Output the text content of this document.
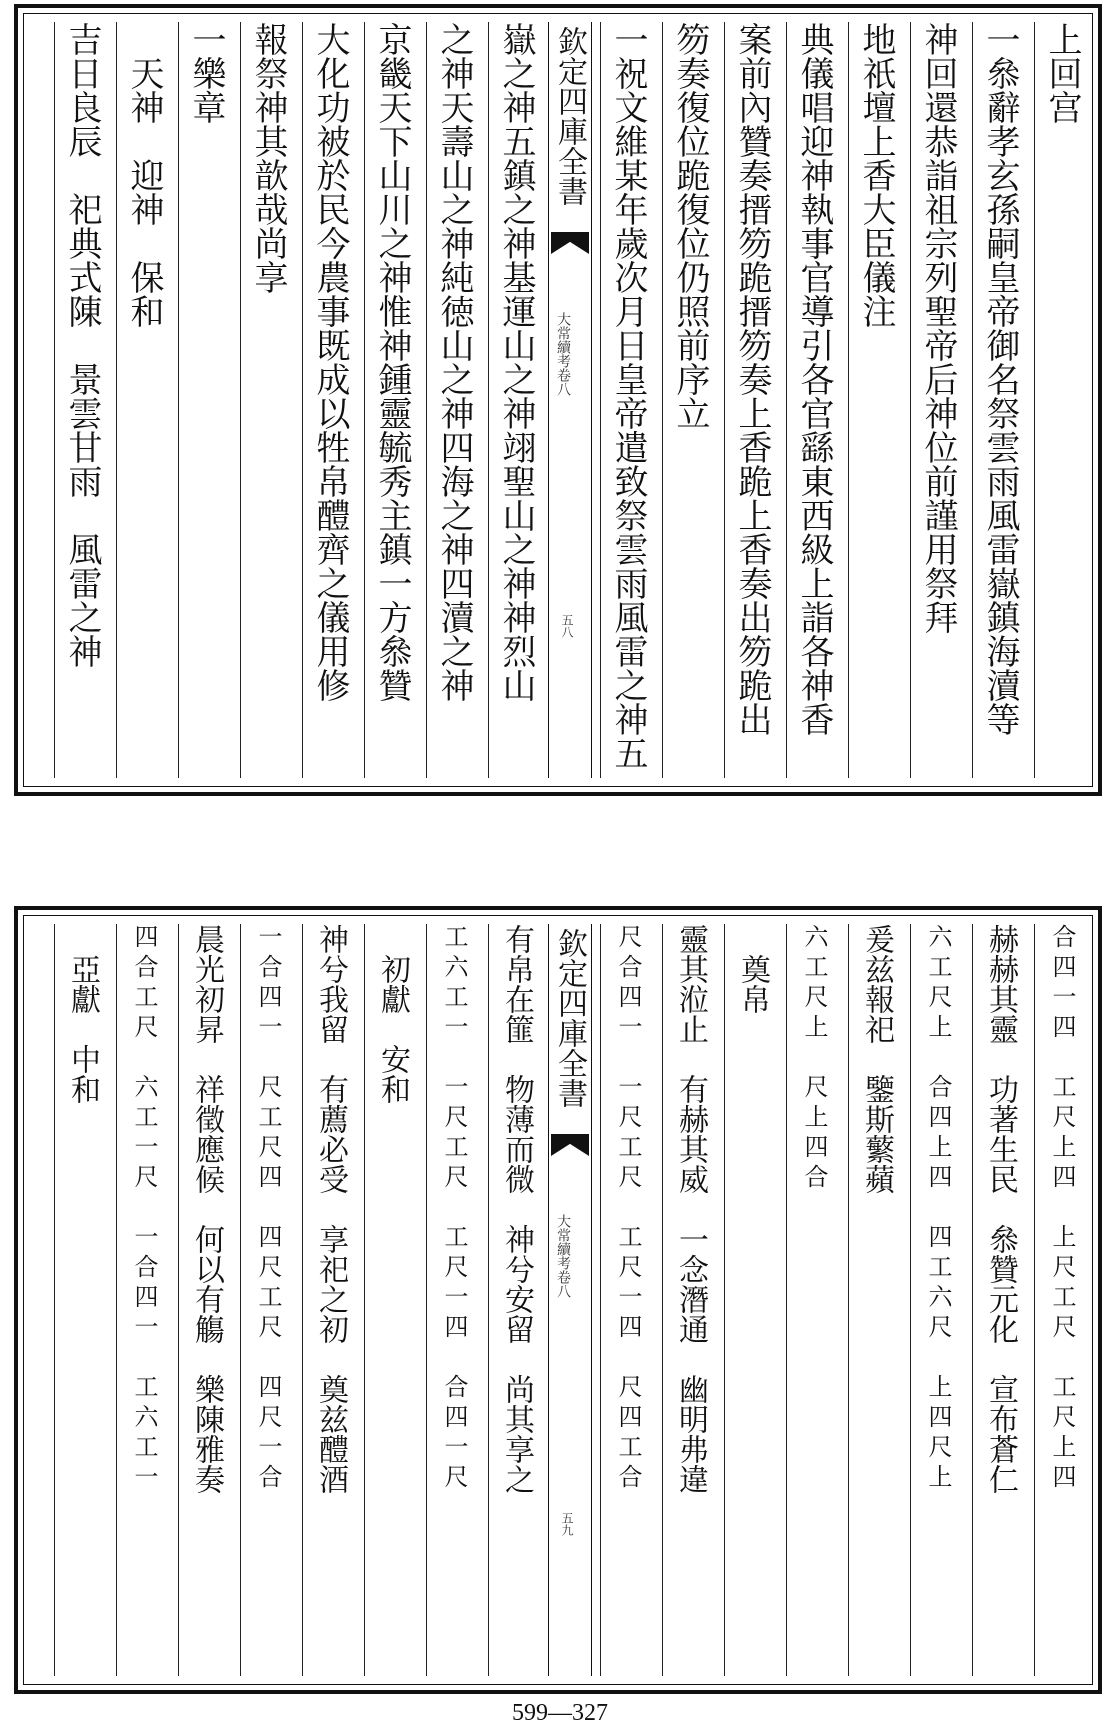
上回宫
一叅辭孝玄孫嗣皇帝御名祭雲雨風雷嶽鎮海瀆等
神回還恭詣祖宗列聖帝后神位前謹用祭拜
地祇壇上香大臣儀注
典儀唱迎神執事官導引各官繇東西級上詣各神香
案前內贊奏搢笏跪搢笏奏上香跪上香奏出笏跪出
笏奏復位跪復位仍照前序立
一祝文維某年歲次月日皇帝遣致祭雲雨風雷之神五
欽定四庫全書
大常續考卷八
五八
嶽之神五鎮之神基運山之神翊聖山之神神烈山
之神天壽山之神純徳山之神四海之神四瀆之神
京畿天下山川之神惟神鍾靈毓秀主鎮一方叅贊
大化功被於民今農事既成以牲帛醴齊之儀用修
報祭神其歆哉尚享
一樂章
　天神　迎神　保和
吉日良辰　祀典式陳　景雲甘雨　風雷之神
合四一四　工尺上四　上尺工尺　工尺上四
赫赫其靈　功著生民　叅贊元化　宣布蒼仁
六工尺上　合四上四　四工六尺　上四尺上
爰兹報祀　鑒斯蘩蘋
六工尺上　尺上四合
　奠帛
靈其涖止　有赫其威　一念潛通　幽明弗違
尺合四一　一尺工尺　工尺一四　尺四工合
欽定四庫全書
大常續考卷八
五九
有帛在篚　物薄而微　神兮安留　尚其享之
工六工一　一尺工尺　工尺一四　合四一尺
　初獻　安和
神兮我留　有薦必受　享祀之初　奠兹醴酒
一合四一　尺工尺四　四尺工尺　四尺一合
晨光初昇　祥徵應候　何以有觴　樂陳雅奏
四合工尺　六工一尺　一合四一　工六工一
　亞獻　中和
599—327
